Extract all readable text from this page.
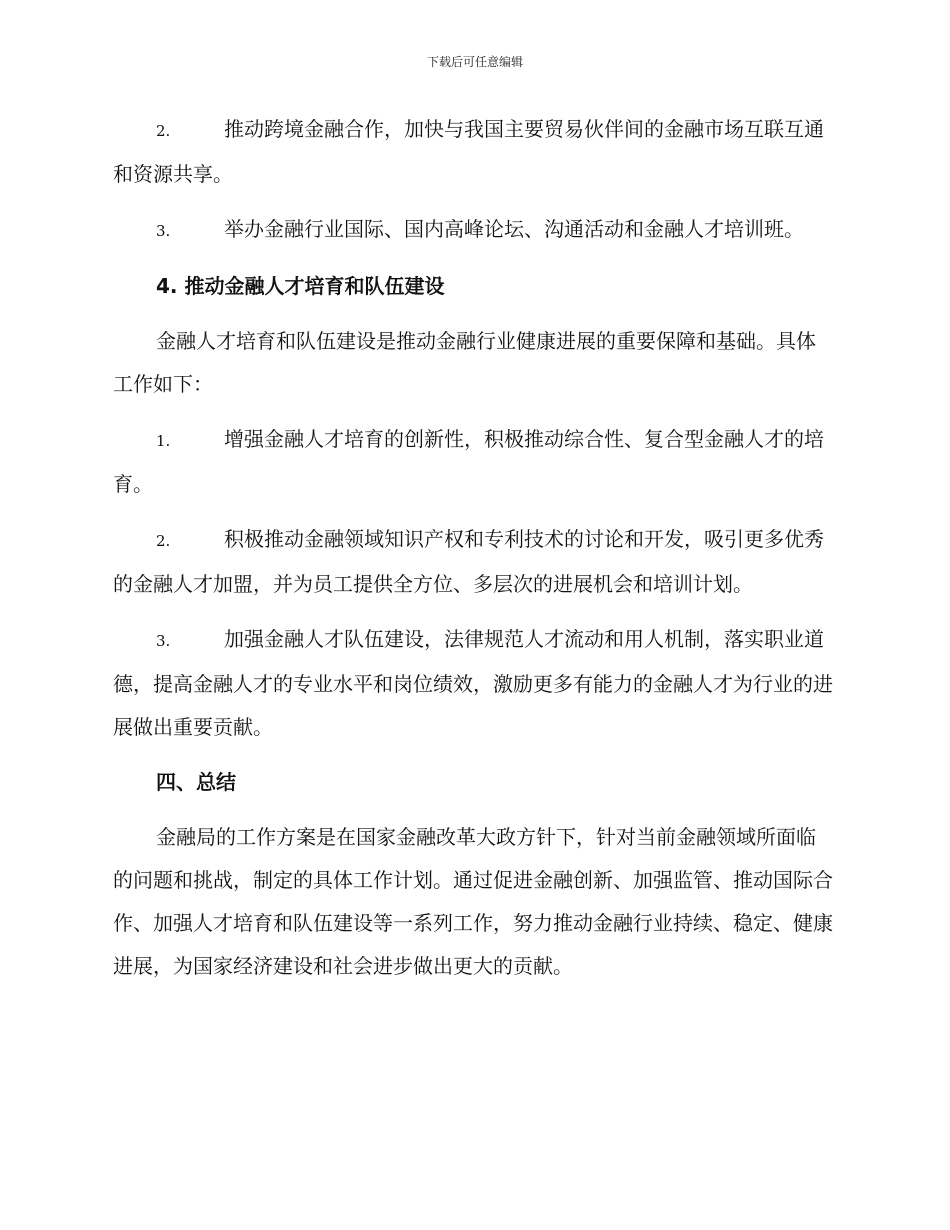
下载后可任意编辑

2.	推动跨境金融合作，加快与我国主要贸易伙伴间的金融市场互联互通和资源共享。

3.	举办金融行业国际、国内高峰论坛、沟通活动和金融人才培训班。

4. 推动金融人才培育和队伍建设

金融人才培育和队伍建设是推动金融行业健康进展的重要保障和基础。具体工作如下：

1.	增强金融人才培育的创新性，积极推动综合性、复合型金融人才的培育。

2.	积极推动金融领域知识产权和专利技术的讨论和开发，吸引更多优秀的金融人才加盟，并为员工提供全方位、多层次的进展机会和培训计划。

3.	加强金融人才队伍建设，法律规范人才流动和用人机制，落实职业道德，提高金融人才的专业水平和岗位绩效，激励更多有能力的金融人才为行业的进展做出重要贡献。

四、总结

金融局的工作方案是在国家金融改革大政方针下，针对当前金融领域所面临的问题和挑战，制定的具体工作计划。通过促进金融创新、加强监管、推动国际合作、加强人才培育和队伍建设等一系列工作，努力推动金融行业持续、稳定、健康进展，为国家经济建设和社会进步做出更大的贡献。
